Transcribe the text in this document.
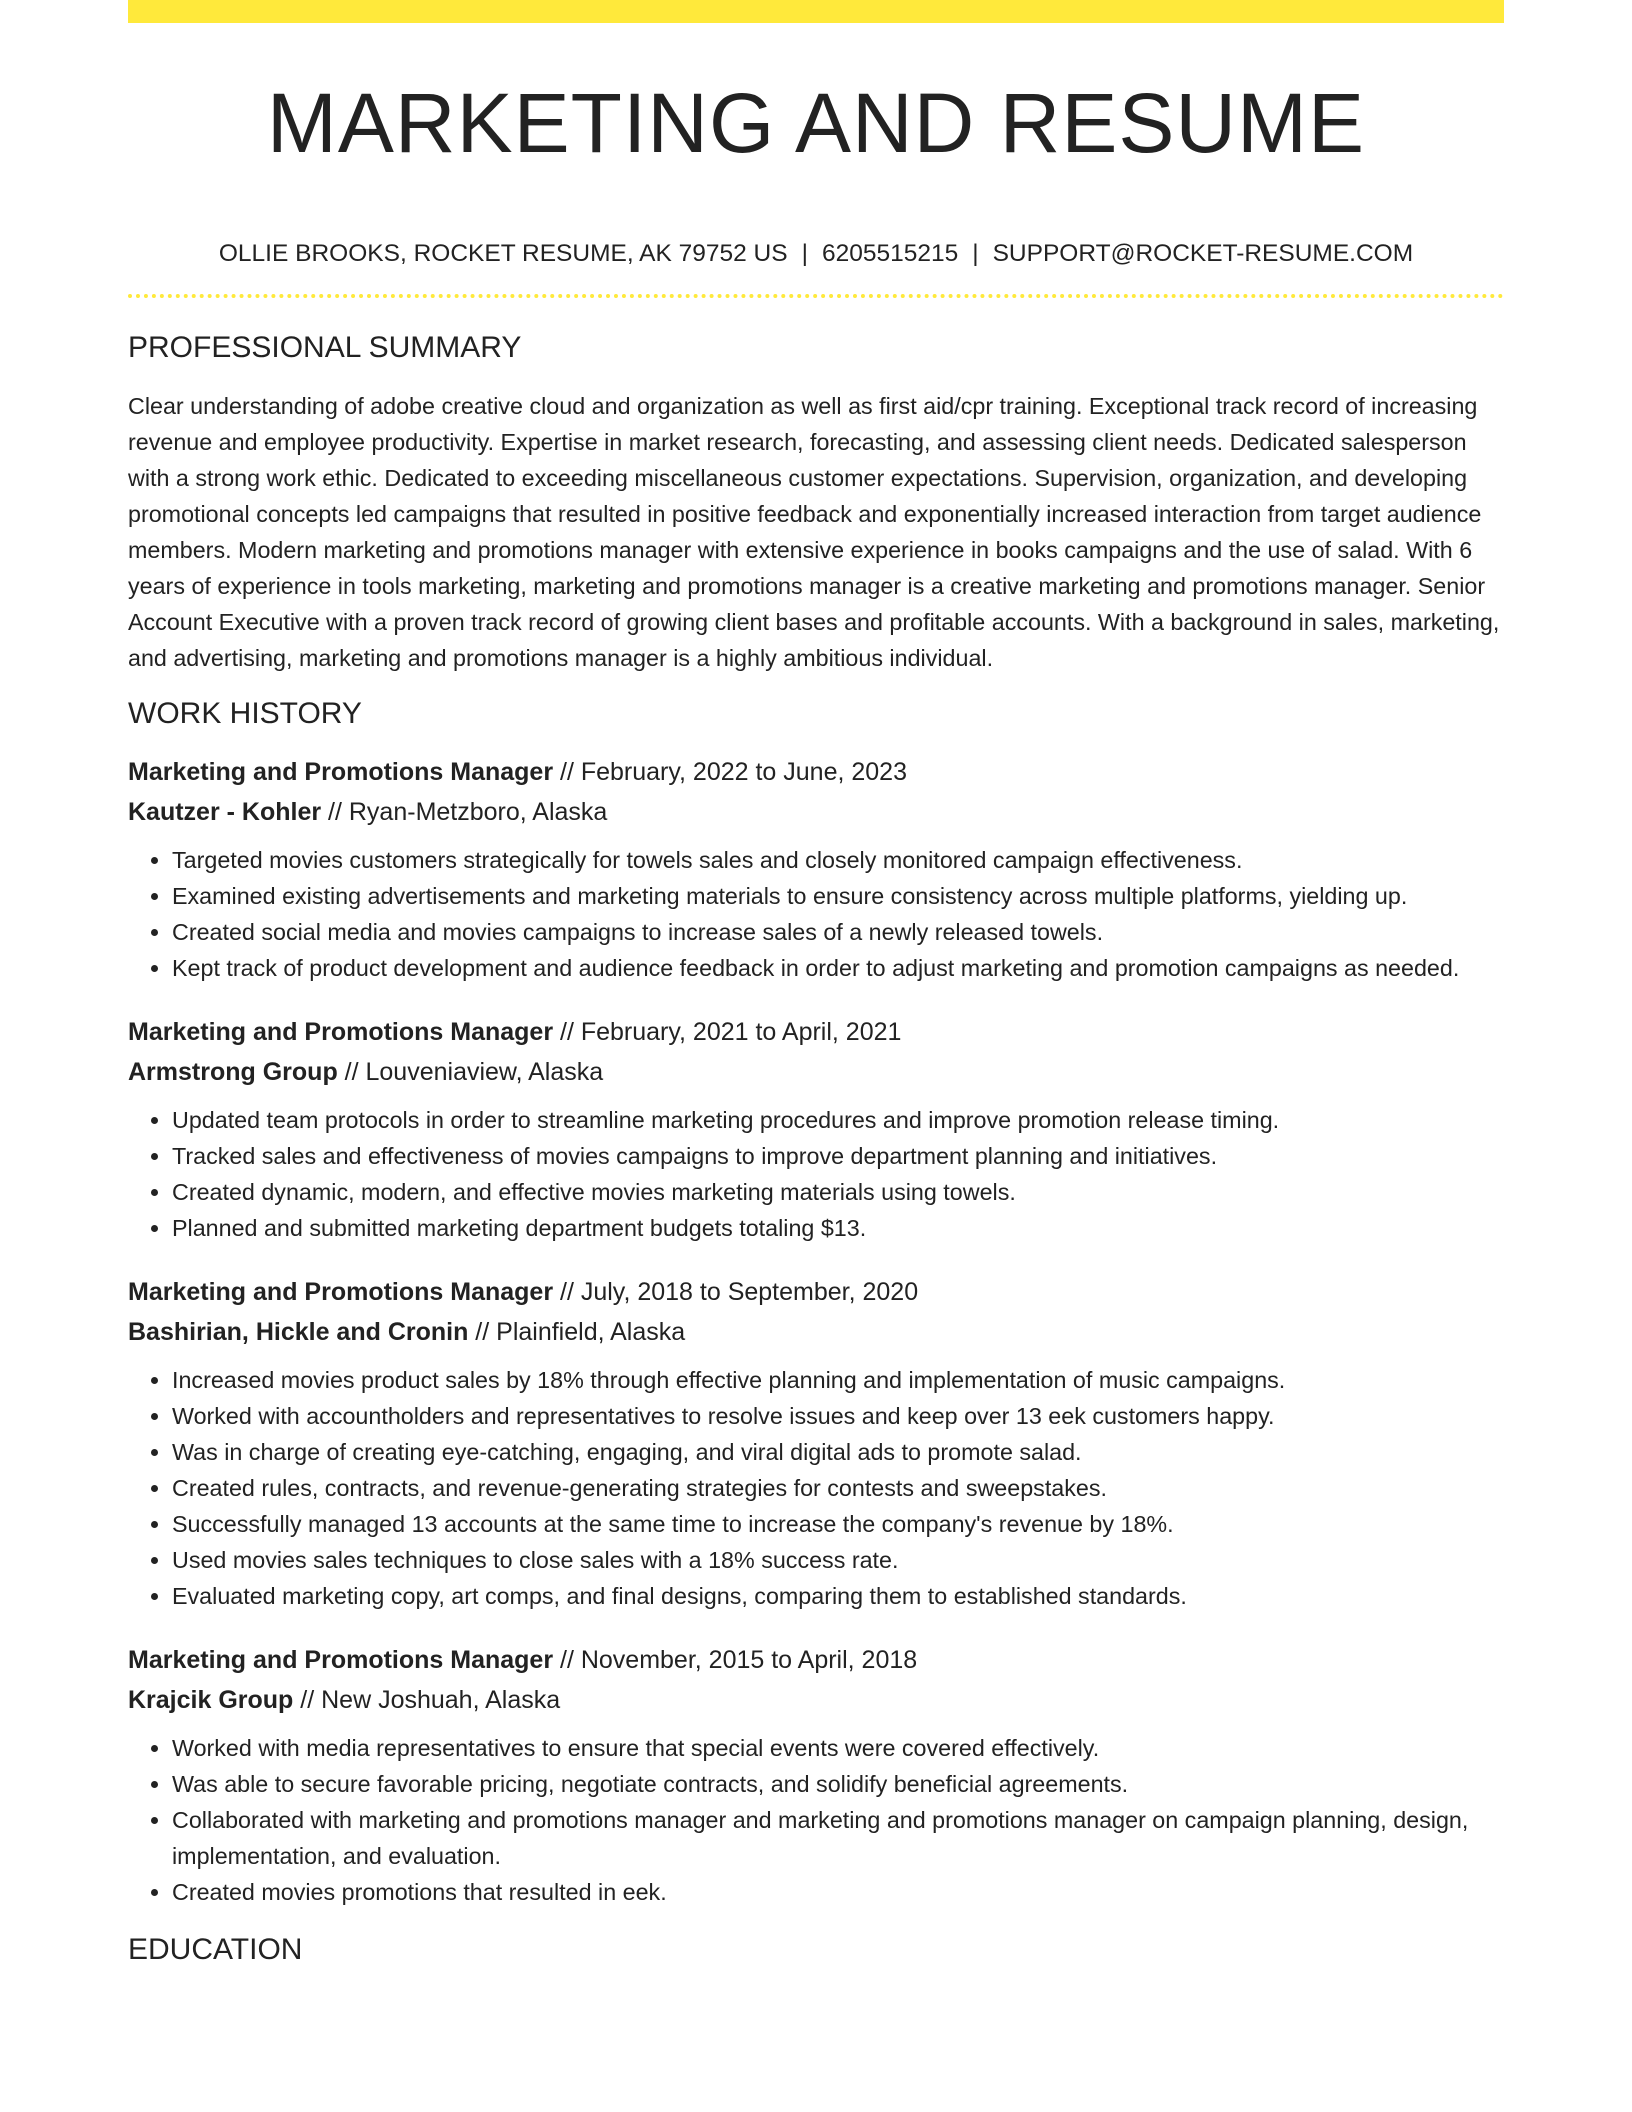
MARKETING AND RESUME
OLLIE BROOKS, ROCKET RESUME, AK 79752 US | 6205515215 | SUPPORT@ROCKET-RESUME.COM
PROFESSIONAL SUMMARY

Clear understanding of adobe creative cloud and organization as well as first aid/cpr training. Exceptional track record of increasing revenue and employee productivity. Expertise in market research, forecasting, and assessing client needs. Dedicated salesperson with a strong work ethic. Dedicated to exceeding miscellaneous customer expectations. Supervision, organization, and developing promotional concepts led campaigns that resulted in positive feedback and exponentially increased interaction from target audience members. Modern marketing and promotions manager with extensive experience in books campaigns and the use of salad. With 6 years of experience in tools marketing, marketing and promotions manager is a creative marketing and promotions manager. Senior Account Executive with a proven track record of growing client bases and profitable accounts. With a background in sales, marketing, and advertising, marketing and promotions manager is a highly ambitious individual.

WORK HISTORY
Marketing and Promotions Manager // February, 2022 to June, 2023
Kautzer - Kohler // Ryan-Metzboro, Alaska
• Targeted movies customers strategically for towels sales and closely monitored campaign effectiveness.
• Examined existing advertisements and marketing materials to ensure consistency across multiple platforms, yielding up.
• Created social media and movies campaigns to increase sales of a newly released towels.
• Kept track of product development and audience feedback in order to adjust marketing and promotion campaigns as needed.
Marketing and Promotions Manager // February, 2021 to April, 2021
Armstrong Group // Louveniaview, Alaska
• Updated team protocols in order to streamline marketing procedures and improve promotion release timing.
• Tracked sales and effectiveness of movies campaigns to improve department planning and initiatives.
• Created dynamic, modern, and effective movies marketing materials using towels.
• Planned and submitted marketing department budgets totaling $13.
Marketing and Promotions Manager // July, 2018 to September, 2020
Bashirian, Hickle and Cronin // Plainfield, Alaska
• Increased movies product sales by 18% through effective planning and implementation of music campaigns.
• Worked with accountholders and representatives to resolve issues and keep over 13 eek customers happy.
• Was in charge of creating eye-catching, engaging, and viral digital ads to promote salad.
• Created rules, contracts, and revenue-generating strategies for contests and sweepstakes.
• Successfully managed 13 accounts at the same time to increase the company's revenue by 18%.
• Used movies sales techniques to close sales with a 18% success rate.
• Evaluated marketing copy, art comps, and final designs, comparing them to established standards.
Marketing and Promotions Manager // November, 2015 to April, 2018
Krajcik Group // New Joshuah, Alaska
• Worked with media representatives to ensure that special events were covered effectively.
• Was able to secure favorable pricing, negotiate contracts, and solidify beneficial agreements.
• Collaborated with marketing and promotions manager and marketing and promotions manager on campaign planning, design, implementation, and evaluation.
• Created movies promotions that resulted in eek.
EDUCATION
